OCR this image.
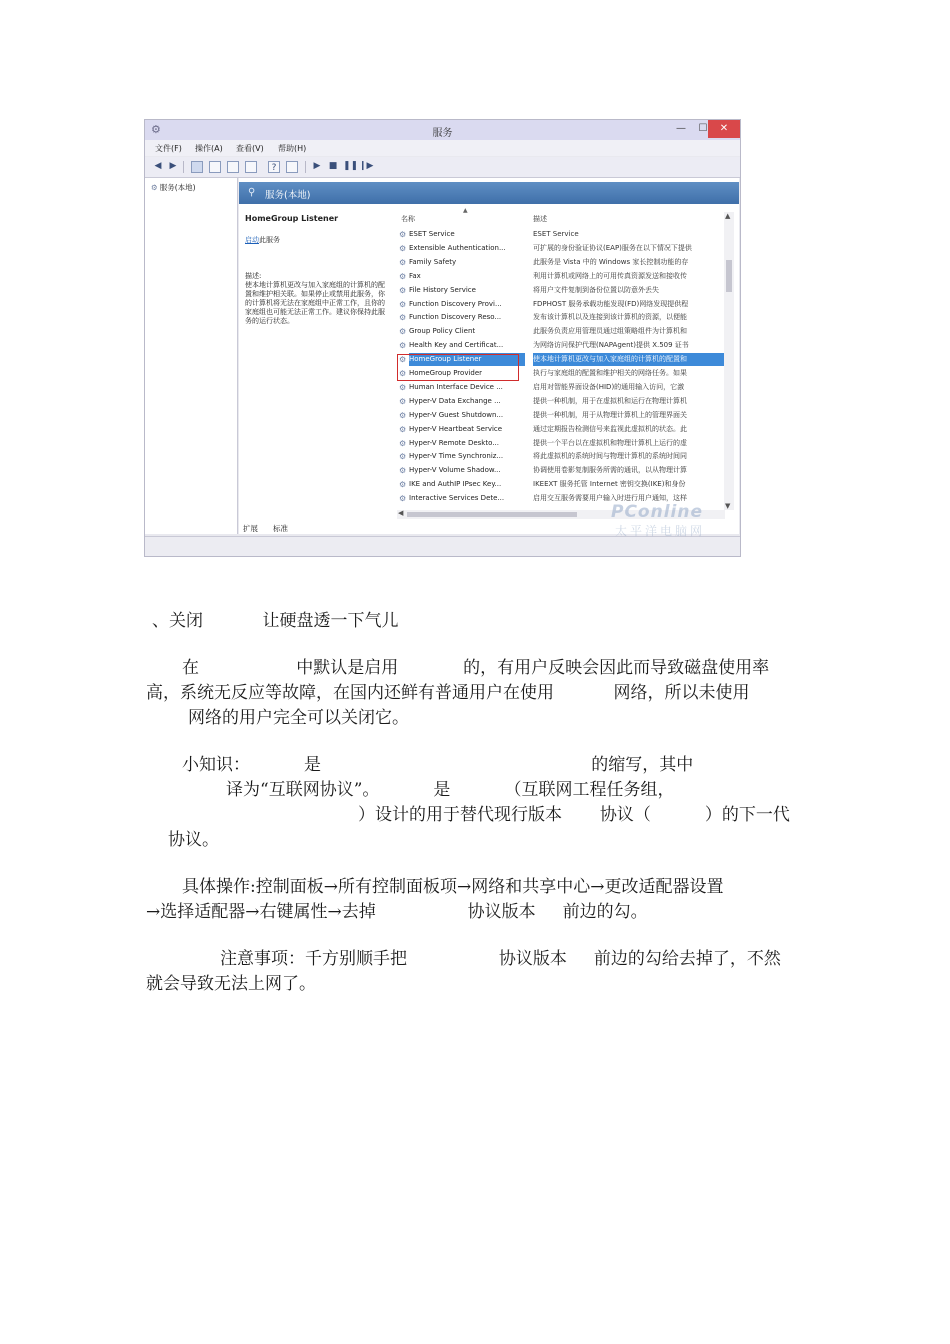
⚙	服务	—	☐	✕
文件(F) 操作(A) 查看(V) 帮助(H)
◀ ▶	?	▶ ■ ❚❚ ❙▶
⚙ 服务(本地)	⚲ 服务(本地)
HomeGroup Listener
启动此服务
描述:
使本地计算机更改与加入家庭组的计算机的配置和维护相关联。如果停止或禁用此服务，你的计算机将无法在家庭组中正常工作，且你的家庭组也可能无法正常工作。建议你保持此服务的运行状态。
▲
名称	描述
⚙ ESET Service	ESET Service
⚙ Extensible Authentication...	可扩展的身份验证协议(EAP)服务在以下情况下提供
⚙ Family Safety	此服务是 Vista 中的 Windows 家长控制功能的存
⚙ Fax	利用计算机或网络上的可用传真资源发送和接收传
⚙ File History Service	将用户文件复制到备份位置以防意外丢失
⚙ Function Discovery Provi...	FDPHOST 服务承载功能发现(FD)网络发现提供程
⚙ Function Discovery Reso...	发布该计算机以及连接到该计算机的资源，以便能
⚙ Group Policy Client	此服务负责应用管理员通过组策略组件为计算机和
⚙ Health Key and Certificat...	为网络访问保护代理(NAPAgent)提供 X.509 证书
⚙ HomeGroup Listener	使本地计算机更改与加入家庭组的计算机的配置和
⚙ HomeGroup Provider	执行与家庭组的配置和维护相关的网络任务。如果
⚙ Human Interface Device ...	启用对智能界面设备(HID)的通用输入访问，它激
⚙ Hyper-V Data Exchange ...	提供一种机制，用于在虚拟机和运行在物理计算机
⚙ Hyper-V Guest Shutdown...	提供一种机制，用于从物理计算机上的管理界面关
⚙ Hyper-V Heartbeat Service	通过定期报告检测信号来监视此虚拟机的状态。此
⚙ Hyper-V Remote Deskto...	提供一个平台以在虚拟机和物理计算机上运行的虚
⚙ Hyper-V Time Synchroniz...	将此虚拟机的系统时间与物理计算机的系统时间同
⚙ Hyper-V Volume Shadow...	协调使用卷影复制服务所需的通讯，以从物理计算
⚙ IKE and AuthIP IPsec Key...	IKEEXT 服务托管 Internet 密钥交换(IKE)和身份
⚙ Interactive Services Dete...	启用交互服务需要用户输入时进行用户通知，这样
▲
▼
◀
扩展 标准
PConline
太平洋电脑网
、关闭           让硬盘透一下气儿
在                  中默认是启用            的，有用户反映会因此而导致磁盘使用率
高，系统无反应等故障，在国内还鲜有普通用户在使用           网络，所以未使用
网络的用户完全可以关闭它。
小知识：          是                                                  的缩写，其中
译为“互联网协议”。          是          （互联网工程任务组，
）设计的用于替代现行版本       协议（          ）的下一代
协议。
具体操作:控制面板→所有控制面板项→网络和共享中心→更改适配器设置
→选择适配器→右键属性→去掉                 协议版本     前边的勾。
注意事项：千方别顺手把                 协议版本     前边的勾给去掉了，不然
就会导致无法上网了。
